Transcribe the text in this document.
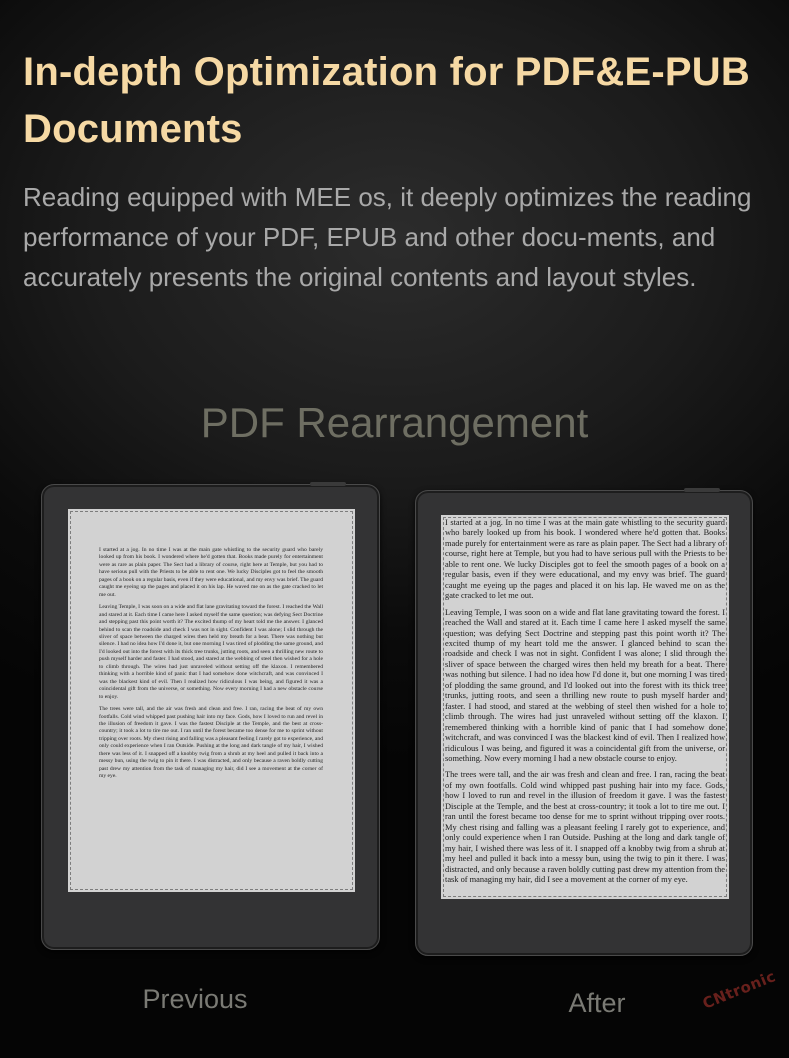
In-depth Optimization for PDF&E-PUB Documents

Reading equipped with MEE os, it deeply optimizes the reading performance of your PDF, EPUB and other docu-ments, and accurately presents the original contents and layout styles.

PDF Rearrangement

I started at a jog. In no time I was at the main gate whistling to the security guard who barely looked up from his book. I wondered where he'd gotten that. Books made purely for entertainment were as rare as plain paper. The Sect had a library of course, right here at Temple, but you had to have serious pull with the Priests to be able to rent one. We lucky Disciples got to feel the smooth pages of a book on a regular basis, even if they were educational, and my envy was brief. The guard caught me eyeing up the pages and placed it on his lap. He waved me on as the gate cracked to let me out.

Leaving Temple, I was soon on a wide and flat lane gravitating toward the forest. I reached the Wall and stared at it. Each time I came here I asked myself the same question; was defying Sect Doctrine and stepping past this point worth it? The excited thump of my heart told me the answer. I glanced behind to scan the roadside and check I was not in sight. Confident I was alone; I slid through the sliver of space between the charged wires then held my breath for a beat. There was nothing but silence. I had no idea how I'd done it, but one morning I was tired of plodding the same ground, and I'd looked out into the forest with its thick tree trunks, jutting roots, and seen a thrilling new route to push myself harder and faster. I had stood, and stared at the webbing of steel then wished for a hole to climb through. The wires had just unraveled without setting off the klaxon. I remembered thinking with a horrible kind of panic that I had somehow done witchcraft, and was convinced I was the blackest kind of evil. Then I realized how ridiculous I was being, and figured it was a coincidental gift from the universe, or something. Now every morning I had a new obstacle course to enjoy.

The trees were tall, and the air was fresh and clean and free. I ran, racing the beat of my own footfalls. Cold wind whipped past pushing hair into my face. Gods, how I loved to run and revel in the illusion of freedom it gave. I was the fastest Disciple at the Temple, and the best at cross-country; it took a lot to tire me out. I ran until the forest became too dense for me to sprint without tripping over roots. My chest rising and falling was a pleasant feeling I rarely got to experience, and only could experience when I ran Outside. Pushing at the long and dark tangle of my hair, I wished there was less of it. I snapped off a knobby twig from a shrub at my heel and pulled it back into a messy bun, using the twig to pin it there. I was distracted, and only because a raven boldly cutting past drew my attention from the task of managing my hair, did I see a movement at the corner of my eye.

I started at a jog. In no time I was at the main gate whistling to the security guard who barely looked up from his book. I wondered where he'd gotten that. Books made purely for entertainment were as rare as plain paper. The Sect had a library of course, right here at Temple, but you had to have serious pull with the Priests to be able to rent one. We lucky Disciples got to feel the smooth pages of a book on a regular basis, even if they were educational, and my envy was brief. The guard caught me eyeing up the pages and placed it on his lap. He waved me on as the gate cracked to let me out.

Leaving Temple, I was soon on a wide and flat lane gravitating toward the forest. I reached the Wall and stared at it. Each time I came here I asked myself the same question; was defying Sect Doctrine and stepping past this point worth it? The excited thump of my heart told me the answer. I glanced behind to scan the roadside and check I was not in sight. Confident I was alone; I slid through the sliver of space between the charged wires then held my breath for a beat. There was nothing but silence. I had no idea how I'd done it, but one morning I was tired of plodding the same ground, and I'd looked out into the forest with its thick tree trunks, jutting roots, and seen a thrilling new route to push myself harder and faster. I had stood, and stared at the webbing of steel then wished for a hole to climb through. The wires had just unraveled without setting off the klaxon. I remembered thinking with a horrible kind of panic that I had somehow done witchcraft, and was convinced I was the blackest kind of evil. Then I realized how ridiculous I was being, and figured it was a coincidental gift from the universe, or something. Now every morning I had a new obstacle course to enjoy.

The trees were tall, and the air was fresh and clean and free. I ran, racing the beat of my own footfalls. Cold wind whipped past pushing hair into my face. Gods, how I loved to run and revel in the illusion of freedom it gave. I was the fastest Disciple at the Temple, and the best at cross-country; it took a lot to tire me out. I ran until the forest became too dense for me to sprint without tripping over roots. My chest rising and falling was a pleasant feeling I rarely got to experience, and only could experience when I ran Outside. Pushing at the long and dark tangle of my hair, I wished there was less of it. I snapped off a knobby twig from a shrub at my heel and pulled it back into a messy bun, using the twig to pin it there. I was distracted, and only because a raven boldly cutting past drew my attention from the task of managing my hair, did I see a movement at the corner of my eye.

Previous	After	CNtronic
